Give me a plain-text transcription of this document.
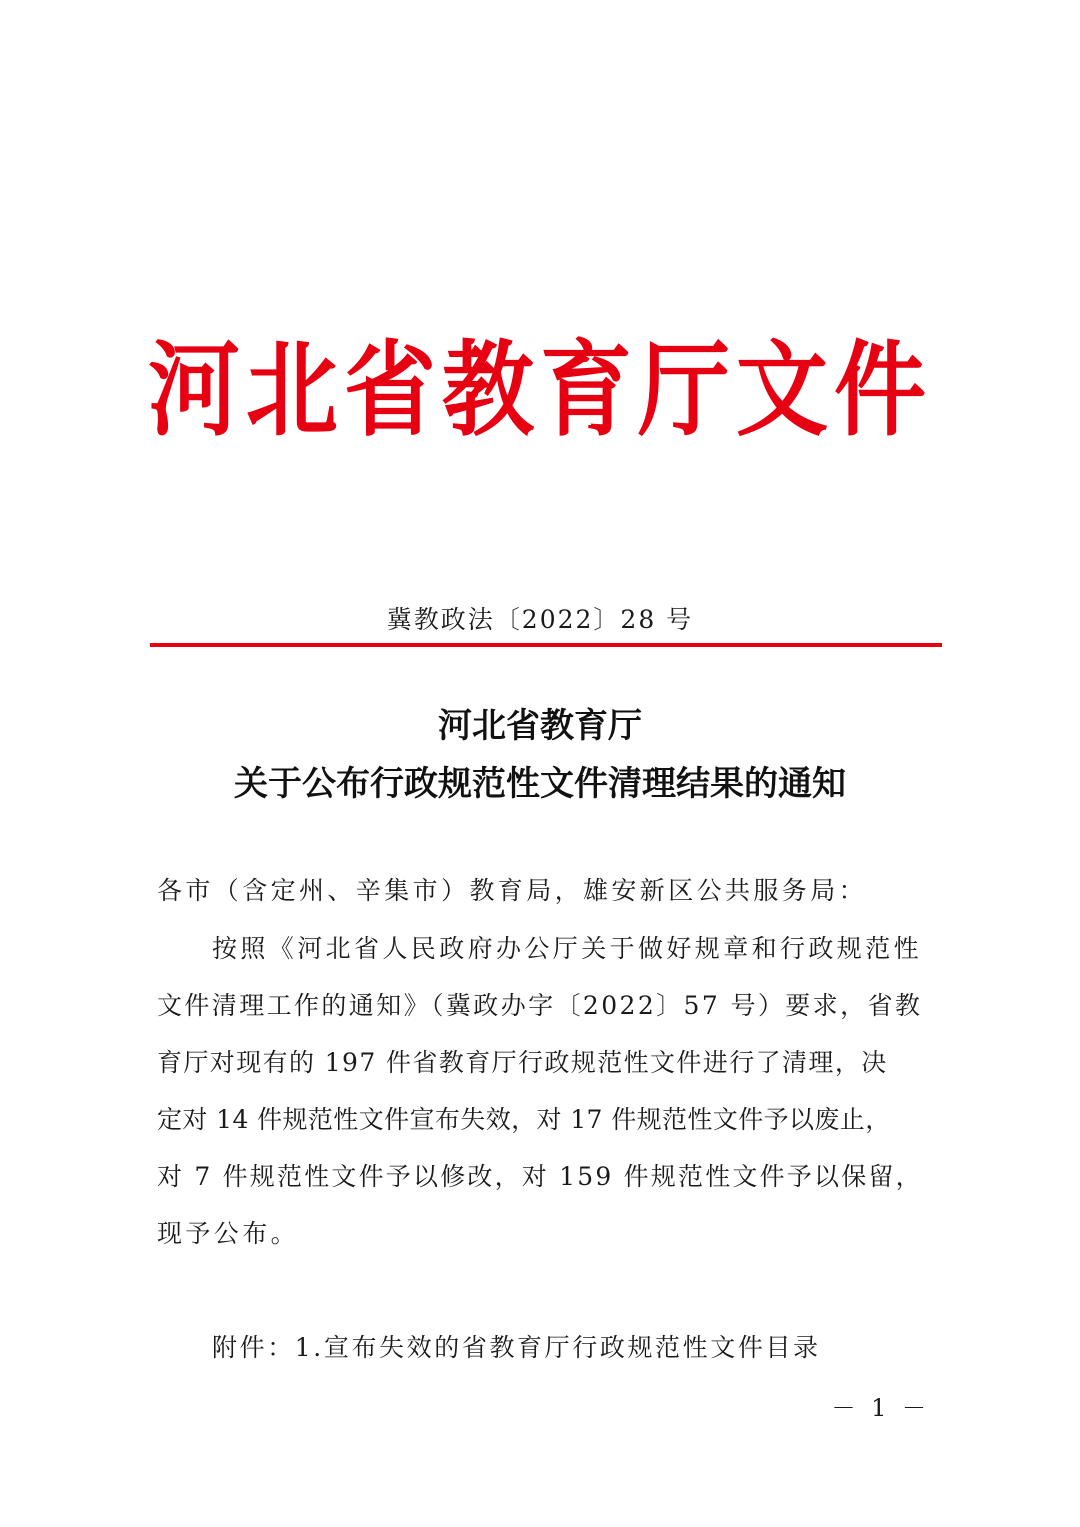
河北省教育厅文件
冀教政法〔2022〕28 号
河北省教育厅
关于公布行政规范性文件清理结果的通知
各市（含定州、辛集市）教育局，雄安新区公共服务局：
按照《河北省人民政府办公厅关于做好规章和行政规范性
文件清理工作的通知》（冀政办字〔2022〕57 号）要求，省教
育厅对现有的 197 件省教育厅行政规范性文件进行了清理，决
定对 14 件规范性文件宣布失效，对 17 件规范性文件予以废止，
对 7 件规范性文件予以修改，对 159 件规范性文件予以保留，
现予公布。
附件：1.宣布失效的省教育厅行政规范性文件目录
－ 1 －
